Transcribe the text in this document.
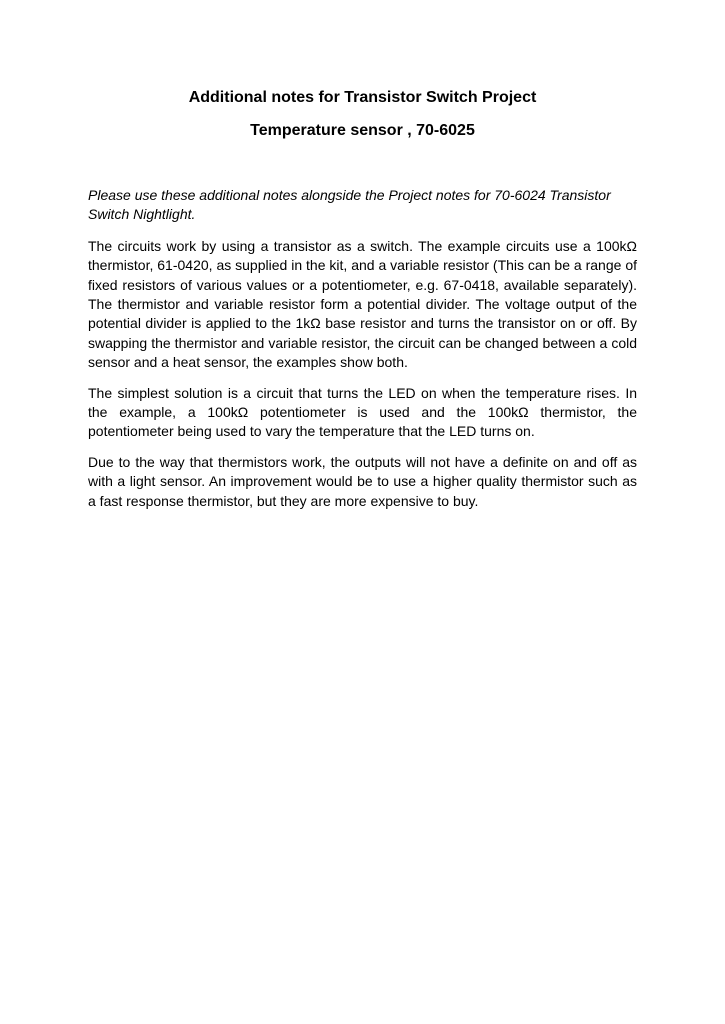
Additional notes for Transistor Switch Project
Temperature sensor , 70-6025

Please use these additional notes alongside the Project notes for 70-6024 Transistor Switch Nightlight.

The circuits work by using a transistor as a switch. The example circuits use a 100kΩ thermistor, 61-0420, as supplied in the kit, and a variable resistor (This can be a range of fixed resistors of various values or a potentiometer, e.g. 67-0418, available separately). The thermistor and variable resistor form a potential divider. The voltage output of the potential divider is applied to the 1kΩ base resistor and turns the transistor on or off. By swapping the thermistor and variable resistor, the circuit can be changed between a cold sensor and a heat sensor, the examples show both.

The simplest solution is a circuit that turns the LED on when the temperature rises. In the example, a 100kΩ potentiometer is used and the 100kΩ thermistor, the potentiometer being used to vary the temperature that the LED turns on.

Due to the way that thermistors work, the outputs will not have a definite on and off as with a light sensor. An improvement would be to use a higher quality thermistor such as a fast response thermistor, but they are more expensive to buy.
